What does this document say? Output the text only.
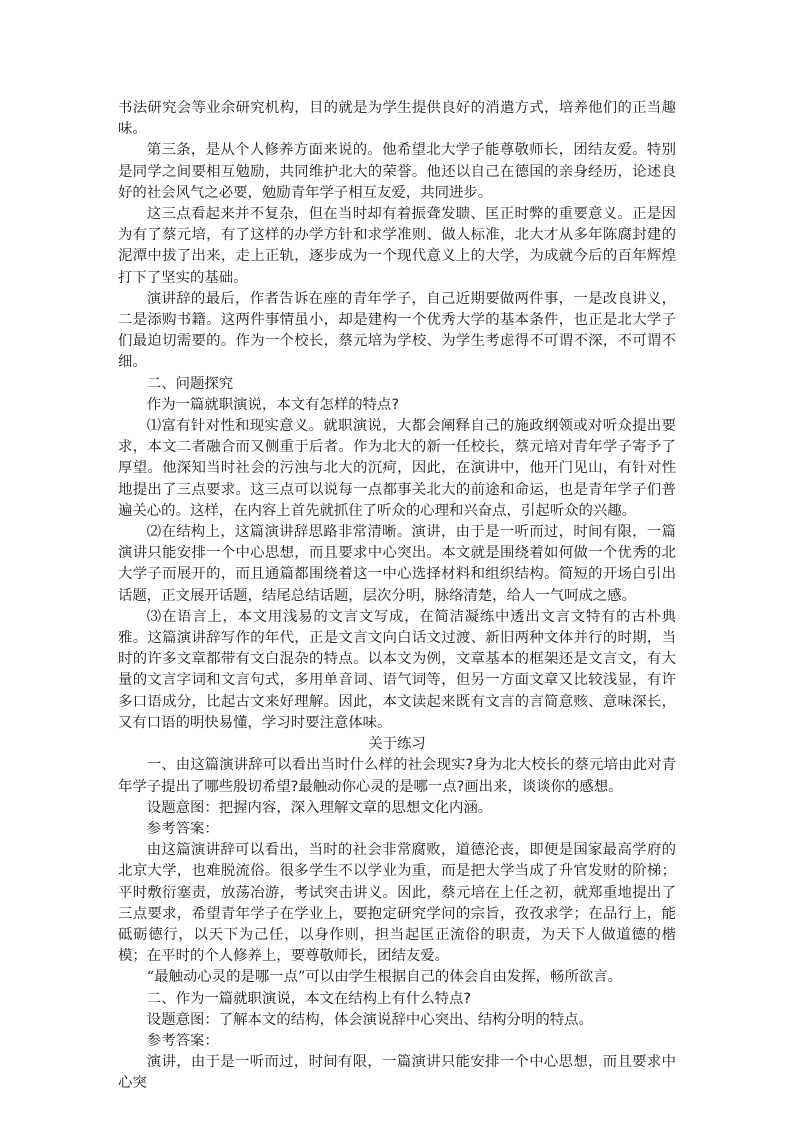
书法研究会等业余研究机构，目的就是为学生提供良好的消遣方式，培养他们的正当趣味。

第三条，是从个人修养方面来说的。他希望北大学子能尊敬师长，团结友爱。特别是同学之间要相互勉励，共同维护北大的荣誉。他还以自己在德国的亲身经历，论述良好的社会风气之必要，勉励青年学子相互友爱，共同进步。

这三点看起来并不复杂，但在当时却有着振聋发聩、匡正时弊的重要意义。正是因为有了蔡元培，有了这样的办学方针和求学准则、做人标准，北大才从多年陈腐封建的泥潭中拔了出来，走上正轨，逐步成为一个现代意义上的大学，为成就今后的百年辉煌打下了坚实的基础。

演讲辞的最后，作者告诉在座的青年学子，自己近期要做两件事，一是改良讲义，二是添购书籍。这两件事情虽小，却是建构一个优秀大学的基本条件，也正是北大学子们最迫切需要的。作为一个校长，蔡元培为学校、为学生考虑得不可谓不深，不可谓不细。

二、问题探究

作为一篇就职演说，本文有怎样的特点?

⑴富有针对性和现实意义。就职演说，大都会阐释自己的施政纲领或对听众提出要求，本文二者融合而又侧重于后者。作为北大的新一任校长，蔡元培对青年学子寄予了厚望。他深知当时社会的污浊与北大的沉疴，因此，在演讲中，他开门见山，有针对性地提出了三点要求。这三点可以说每一点都事关北大的前途和命运，也是青年学子们普遍关心的。这样，在内容上首先就抓住了听众的心理和兴奋点，引起听众的兴趣。

⑵在结构上，这篇演讲辞思路非常清晰。演讲，由于是一听而过，时间有限，一篇演讲只能安排一个中心思想，而且要求中心突出。本文就是围绕着如何做一个优秀的北大学子而展开的，而且通篇都围绕着这一中心选择材料和组织结构。简短的开场白引出话题，正文展开话题，结尾总结话题，层次分明，脉络清楚，给人一气呵成之感。

⑶在语言上，本文用浅易的文言文写成，在简洁凝练中透出文言文特有的古朴典雅。这篇演讲辞写作的年代，正是文言文向白话文过渡、新旧两种文体并行的时期，当时的许多文章都带有文白混杂的特点。以本文为例，文章基本的框架还是文言文，有大量的文言字词和文言句式，多用单音词、语气词等，但另一方面文章又比较浅显，有许多口语成分，比起古文来好理解。因此，本文读起来既有文言的言简意赅、意味深长，又有口语的明快易懂，学习时要注意体味。

关于练习

一、由这篇演讲辞可以看出当时什么样的社会现实?身为北大校长的蔡元培由此对青年学子提出了哪些殷切希望?最触动你心灵的是哪一点?画出来，谈谈你的感想。

设题意图：把握内容，深入理解文章的思想文化内涵。

参考答案：

由这篇演讲辞可以看出，当时的社会非常腐败，道德沦丧，即便是国家最高学府的北京大学，也难脱流俗。很多学生不以学业为重，而是把大学当成了升官发财的阶梯；平时敷衍塞责，放荡冶游，考试突击讲义。因此，蔡元培在上任之初，就郑重地提出了三点要求，希望青年学子在学业上，要抱定研究学问的宗旨，孜孜求学；在品行上，能砥砺德行，以天下为己任，以身作则，担当起匡正流俗的职责，为天下人做道德的楷模；在平时的个人修养上，要尊敬师长，团结友爱。

“最触动心灵的是哪一点”可以由学生根据自己的体会自由发挥，畅所欲言。

二、作为一篇就职演说，本文在结构上有什么特点?

设题意图：了解本文的结构，体会演说辞中心突出、结构分明的特点。

参考答案：

演讲，由于是一听而过，时间有限，一篇演讲只能安排一个中心思想，而且要求中心突
